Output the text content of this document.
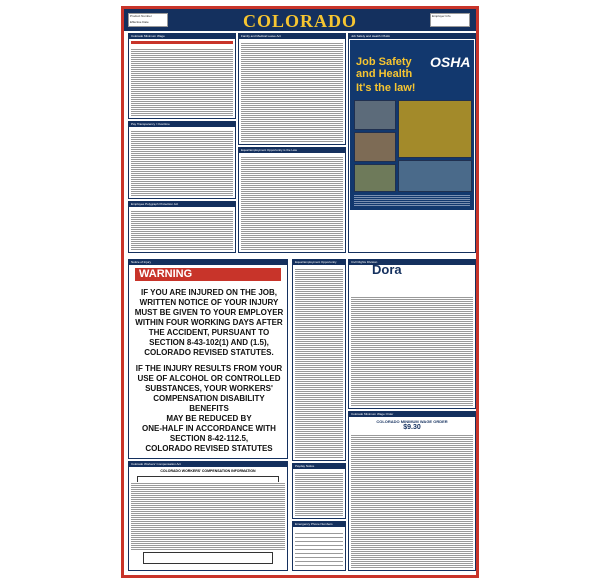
Product Number
Effective Date	COLORADO	Employer Info
Colorado Minimum Wage
Pay Transparency / Overtime
Employee Polygraph Protection Act
Family and Medical Leave Act
Equal Employment Opportunity is the Law
Job Safety and Health OSHA
Job Safety
and Health
OSHA
It's the law!
Notice of Injury
WARNING
IF YOU ARE INJURED ON THE JOB,
WRITTEN NOTICE OF YOUR INJURY
MUST BE GIVEN TO YOUR EMPLOYER
WITHIN FOUR WORKING DAYS AFTER
THE ACCIDENT, PURSUANT TO
SECTION 8-43-102(1) AND (1.5),
COLORADO REVISED STATUTES.
IF THE INJURY RESULTS FROM YOUR
USE OF ALCOHOL OR CONTROLLED
SUBSTANCES, YOUR WORKERS'
COMPENSATION DISABILITY BENEFITS
MAY BE REDUCED BY
ONE-HALF IN ACCORDANCE WITH
SECTION 8-42-112.5,
COLORADO REVISED STATUTES
Colorado Workers' Compensation Act
COLORADO WORKERS' COMPENSATION INFORMATION
Equal Employment Opportunity
Payday Notice
Emergency Phone Numbers
Civil Rights Division
Dora
Colorado Minimum Wage Order
COLORADO MINIMUM WAGE ORDER
$9.30
